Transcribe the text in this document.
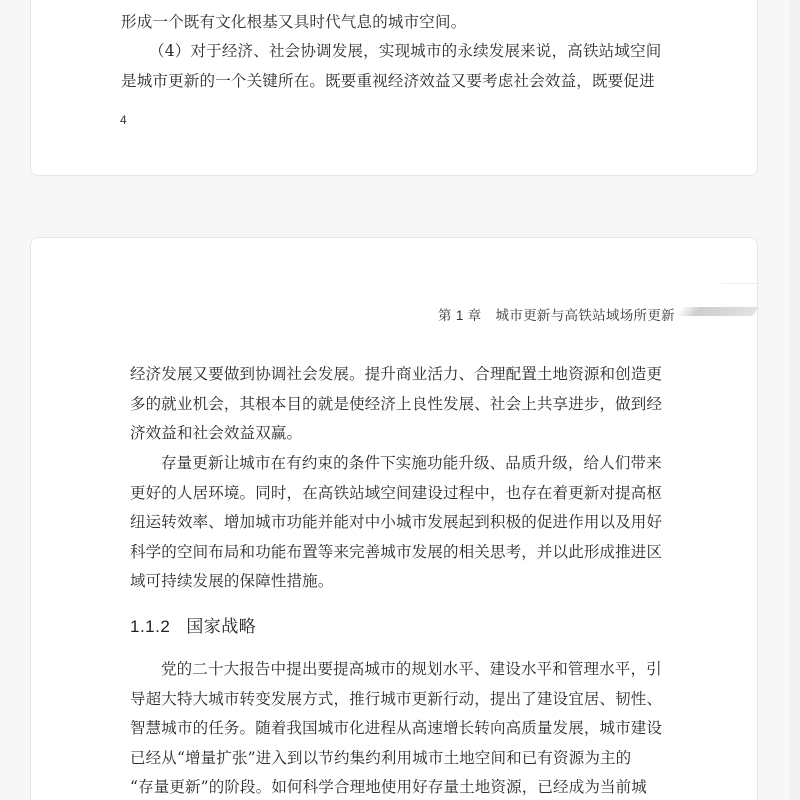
形成一个既有文化根基又具时代气息的城市空间。

（4）对于经济、社会协调发展，实现城市的永续发展来说，高铁站域空间

是城市更新的一个关键所在。既要重视经济效益又要考虑社会效益，既要促进

4
第 1 章 城市更新与高铁站域场所更新
经济发展又要做到协调社会发展。提升商业活力、合理配置土地资源和创造更
多的就业机会，其根本目的就是使经济上良性发展、社会上共享进步，做到经
济效益和社会效益双赢。
存量更新让城市在有约束的条件下实施功能升级、品质升级，给人们带来
更好的人居环境。同时，在高铁站域空间建设过程中，也存在着更新对提高枢
纽运转效率、增加城市功能并能对中小城市发展起到积极的促进作用以及用好
科学的空间布局和功能布置等来完善城市发展的相关思考，并以此形成推进区
域可持续发展的保障性措施。
1.1.2 国家战略
党的二十大报告中提出要提高城市的规划水平、建设水平和管理水平，引
导超大特大城市转变发展方式，推行城市更新行动，提出了建设宜居、韧性、
智慧城市的任务。随着我国城市化进程从高速增长转向高质量发展，城市建设
已经从“增量扩张”进入到以节约集约利用城市土地空间和已有资源为主的
“存量更新”的阶段。如何科学合理地使用好存量土地资源，已经成为当前城
